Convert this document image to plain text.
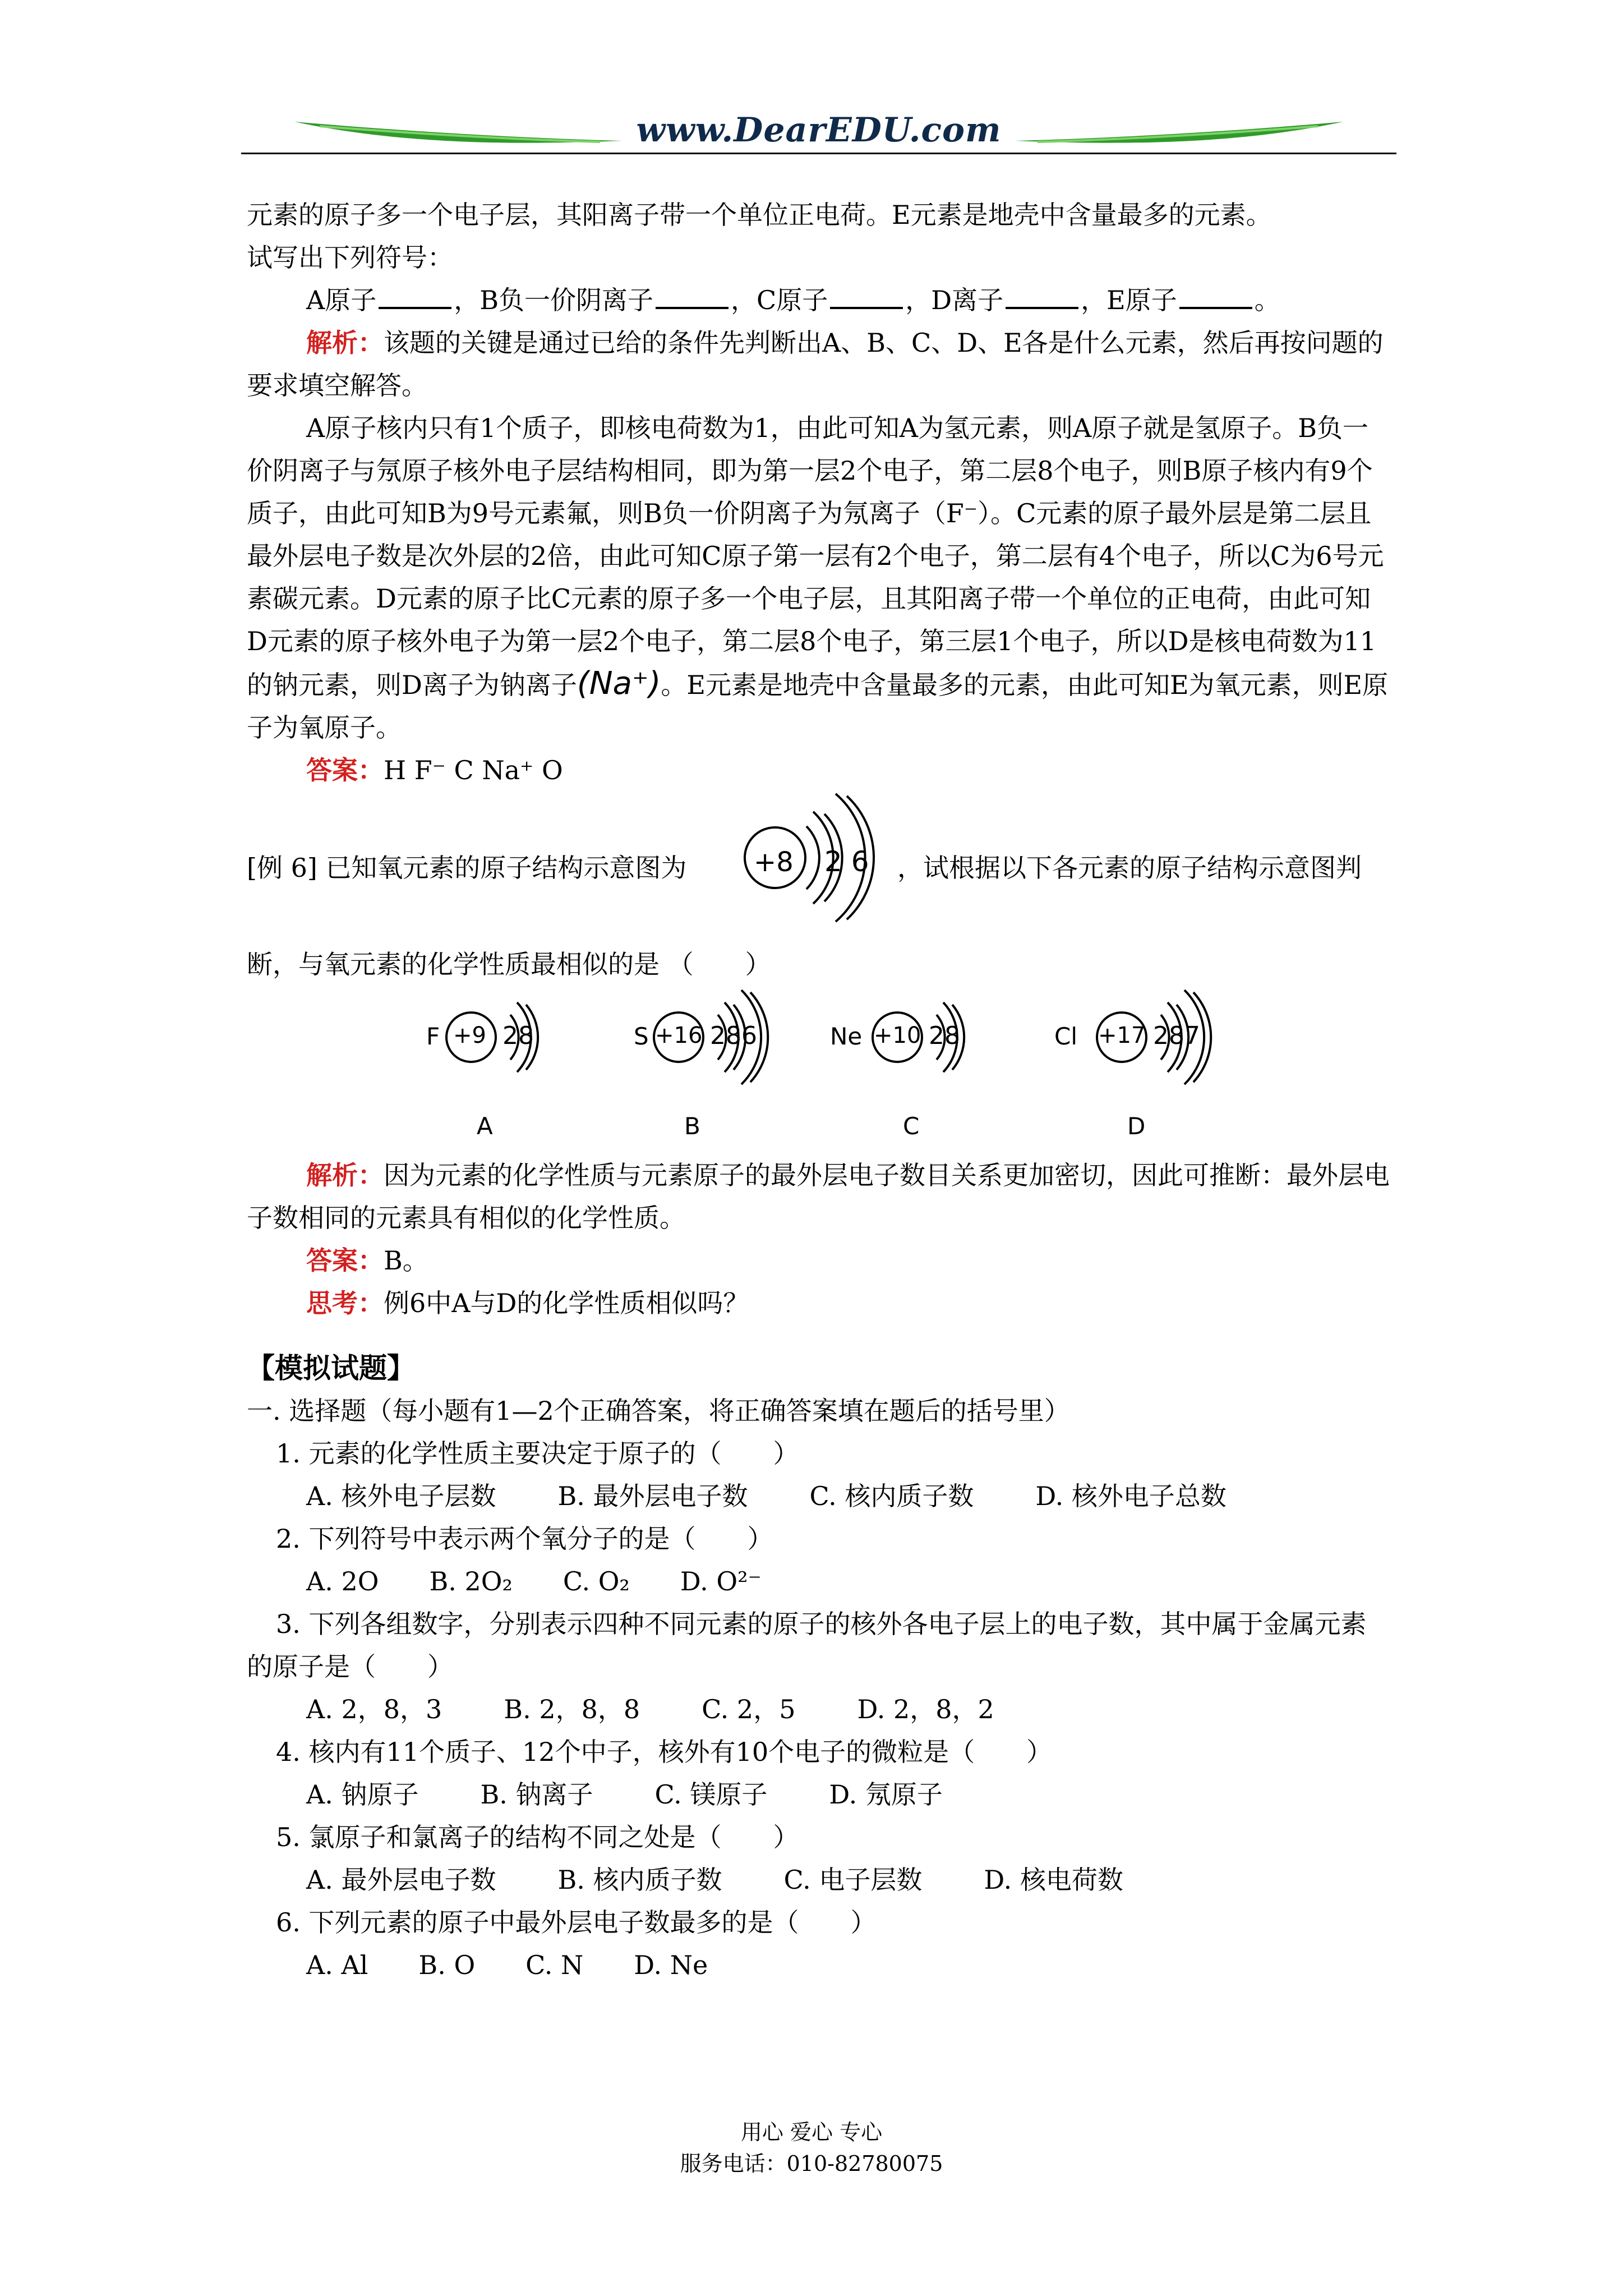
www.DearEDU.com

元素的原子多一个电子层，其阳离子带一个单位正电荷。E元素是地壳中含量最多的元素。

试写出下列符号：

A原子	，B负一价阴离子	，C原子	，D离子	，E原子	。

解析：该题的关键是通过已给的条件先判断出A、B、C、D、E各是什么元素，然后再按问题的要求填空解答。

A原子核内只有1个质子，即核电荷数为1，由此可知A为氢元素，则A原子就是氢原子。B负一价阴离子与氖原子核外电子层结构相同，即为第一层2个电子，第二层8个电子，则B原子核内有9个质子，由此可知B为9号元素氟，则B负一价阴离子为氖离子（F⁻）。C元素的原子最外层是第二层且最外层电子数是次外层的2倍，由此可知C原子第一层有2个电子，第二层有4个电子，所以C为6号元素碳元素。D元素的原子比C元素的原子多一个电子层，且其阳离子带一个单位的正电荷，由此可知D元素的原子核外电子为第一层2个电子，第二层8个电子，第三层1个电子，所以D是核电荷数为11的钠元素，则D离子为钠离子(Na⁺)。E元素是地壳中含量最多的元素，由此可知E为氧元素，则E原子为氧原子。

答案：H F⁻ C Na⁺ O

[例 6] 已知氧元素的原子结构示意图为 +8 2 6 ，试根据以下各元素的原子结构示意图判

断，与氧元素的化学性质最相似的是 （　　）

F +9 28
A
S +16 286
B
Ne +10 28
C
Cl +17 287
D

解析：因为元素的化学性质与元素原子的最外层电子数目关系更加密切，因此可推断：最外层电子数相同的元素具有相似的化学性质。

答案：B。

思考：例6中A与D的化学性质相似吗？

【模拟试题】

一. 选择题（每小题有1—2个正确答案，将正确答案填在题后的括号里）

1. 元素的化学性质主要决定于原子的（　　）

A. 核外电子层数 B. 最外层电子数 C. 核内质子数 D. 核外电子总数

2. 下列符号中表示两个氧分子的是（　　）

A. 2O B. 2O₂ C. O₂ D. O²⁻

3. 下列各组数字，分别表示四种不同元素的原子的核外各电子层上的电子数，其中属于金属元素的原子是（　　）

A. 2，8，3 B. 2，8，8 C. 2，5 D. 2，8，2

4. 核内有11个质子、12个中子，核外有10个电子的微粒是（　　）

A. 钠原子 B. 钠离子 C. 镁原子 D. 氖原子

5. 氯原子和氯离子的结构不同之处是（　　）

A. 最外层电子数 B. 核内质子数 C. 电子层数 D. 核电荷数

6. 下列元素的原子中最外层电子数最多的是（　　）

A. Al B. O C. N D. Ne

用心 爱心 专心
服务电话：010-82780075
